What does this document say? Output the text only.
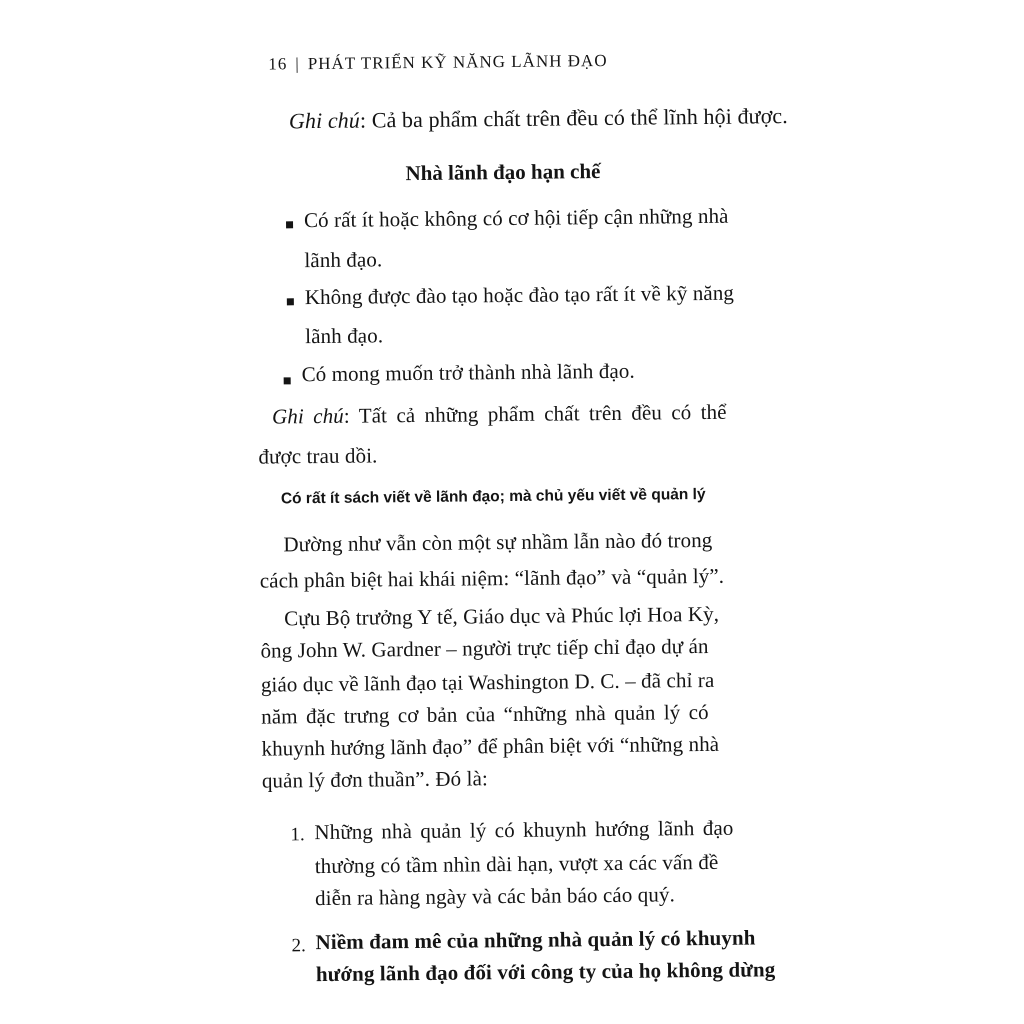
16 | PHÁT TRIỂN KỸ NĂNG LÃNH ĐẠO
Ghi chú: Cả ba phẩm chất trên đều có thể lĩnh hội được.
Nhà lãnh đạo hạn chế
Có rất ít hoặc không có cơ hội tiếp cận những nhà
lãnh đạo.
Không được đào tạo hoặc đào tạo rất ít về kỹ năng
lãnh đạo.
Có mong muốn trở thành nhà lãnh đạo.
Ghi chú: Tất cả những phẩm chất trên đều có thể
được trau dồi.
Có rất ít sách viết về lãnh đạo; mà chủ yếu viết về quản lý
Dường như vẫn còn một sự nhầm lẫn nào đó trong
cách phân biệt hai khái niệm: “lãnh đạo” và “quản lý”.
Cựu Bộ trưởng Y tế, Giáo dục và Phúc lợi Hoa Kỳ,
ông John W. Gardner – người trực tiếp chỉ đạo dự án
giáo dục về lãnh đạo tại Washington D. C. – đã chỉ ra
năm đặc trưng cơ bản của “những nhà quản lý có
khuynh hướng lãnh đạo” để phân biệt với “những nhà
quản lý đơn thuần”. Đó là:
1. Những nhà quản lý có khuynh hướng lãnh đạo
thường có tầm nhìn dài hạn, vượt xa các vấn đề
diễn ra hàng ngày và các bản báo cáo quý.
2. Niềm đam mê của những nhà quản lý có khuynh
hướng lãnh đạo đối với công ty của họ không dừng
